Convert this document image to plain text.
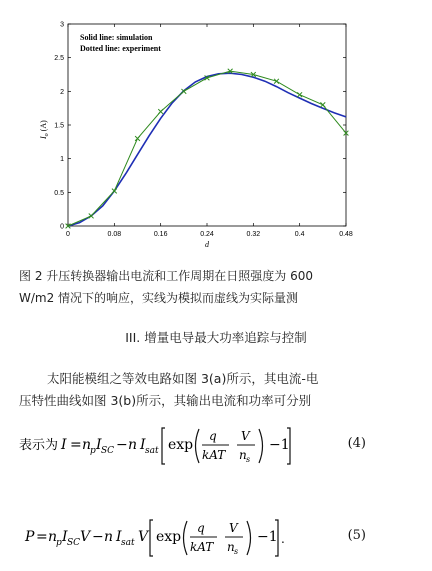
0	0.08	0.16	0.24	0.32	0.4	0.48
0
0.5
1
1.5
2
2.5
3
d
$I_o$ (A)
Solid line: simulation
Dotted line: experiment
图 2 升压转换器输出电流和工作周期在日照强度为 600
W/m2 情况下的响应，实线为模拟而虚线为实际量测
III. 增量电导最大功率追踪与控制
太阳能模组之等效电路如图 3(a)所示，其电流-电
压特性曲线如图 3(b)所示，其输出电流和功率可分别
表示为 I = n
p I SC − n I sat exp
q
kAT
V
n s
−1	(4)
P = n
p I SC V − n I sat V exp
q
kAT
V
n s
−1 .	(5)
